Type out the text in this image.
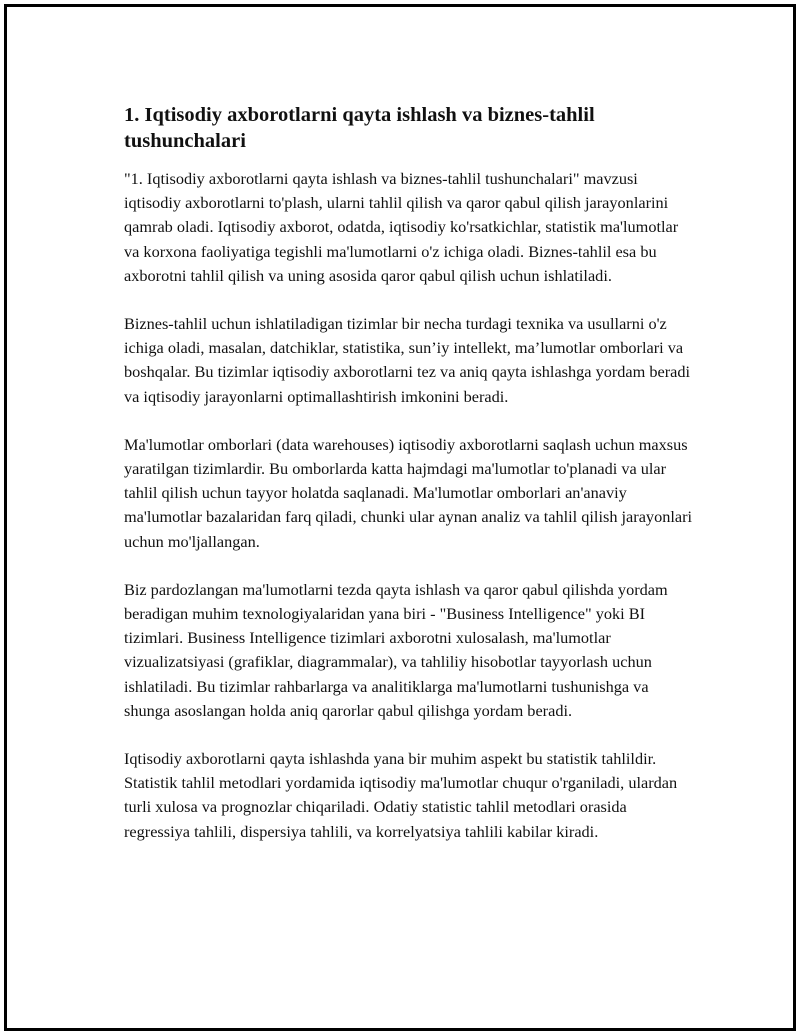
1. Iqtisodiy axborotlarni qayta ishlash va biznes-tahlil tushunchalari

"1. Iqtisodiy axborotlarni qayta ishlash va biznes-tahlil tushunchalari" mavzusi iqtisodiy axborotlarni to'plash, ularni tahlil qilish va qaror qabul qilish jarayonlarini qamrab oladi. Iqtisodiy axborot, odatda, iqtisodiy ko'rsatkichlar, statistik ma'lumotlar va korxona faoliyatiga tegishli ma'lumotlarni o'z ichiga oladi. Biznes-tahlil esa bu axborotni tahlil qilish va uning asosida qaror qabul qilish uchun ishlatiladi.

Biznes-tahlil uchun ishlatiladigan tizimlar bir necha turdagi texnika va usullarni o'z ichiga oladi, masalan, datchiklar, statistika, sun’iy intellekt, ma’lumotlar omborlari va boshqalar. Bu tizimlar iqtisodiy axborotlarni tez va aniq qayta ishlashga yordam beradi va iqtisodiy jarayonlarni optimallashtirish imkonini beradi.

Ma'lumotlar omborlari (data warehouses) iqtisodiy axborotlarni saqlash uchun maxsus yaratilgan tizimlardir. Bu omborlarda katta hajmdagi ma'lumotlar to'planadi va ular tahlil qilish uchun tayyor holatda saqlanadi. Ma'lumotlar omborlari an'anaviy ma'lumotlar bazalaridan farq qiladi, chunki ular aynan analiz va tahlil qilish jarayonlari uchun mo'ljallangan.

Biz pardozlangan ma'lumotlarni tezda qayta ishlash va qaror qabul qilishda yordam beradigan muhim texnologiyalaridan yana biri - "Business Intelligence" yoki BI tizimlari. Business Intelligence tizimlari axborotni xulosalash, ma'lumotlar vizualizatsiyasi (grafiklar, diagrammalar), va tahliliy hisobotlar tayyorlash uchun ishlatiladi. Bu tizimlar rahbarlarga va analitiklarga ma'lumotlarni tushunishga va shunga asoslangan holda aniq qarorlar qabul qilishga yordam beradi.

Iqtisodiy axborotlarni qayta ishlashda yana bir muhim aspekt bu statistik tahlildir. Statistik tahlil metodlari yordamida iqtisodiy ma'lumotlar chuqur o'rganiladi, ulardan turli xulosa va prognozlar chiqariladi. Odatiy statistic tahlil metodlari orasida regressiya tahlili, dispersiya tahlili, va korrelyatsiya tahlili kabilar kiradi.
